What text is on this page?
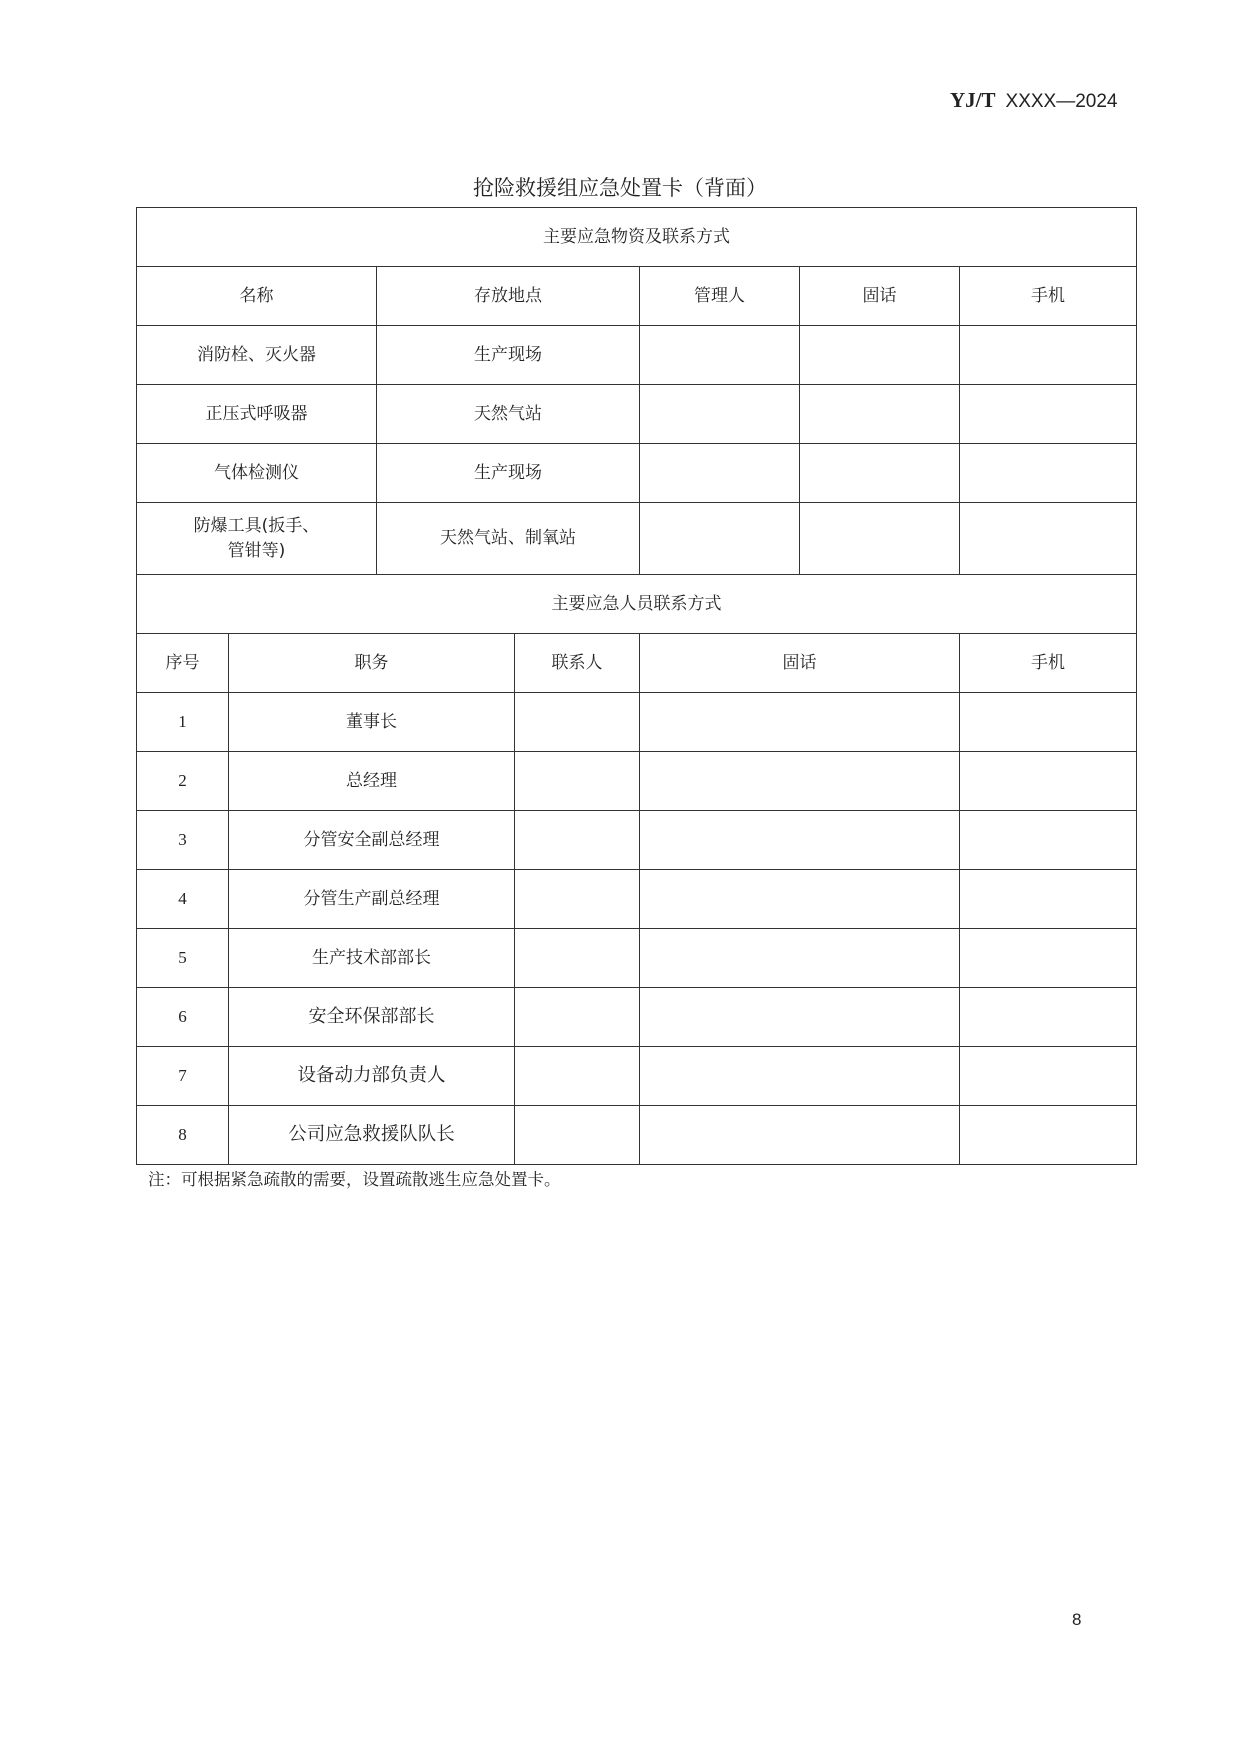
YJ/T XXXX—2024
抢险救援组应急处置卡（背面）
主要应急物资及联系方式						
名称		存放地点		管理人	固话	手机
消防栓、灭火器		生产现场				
正压式呼吸器		天然气站				
气体检测仪		生产现场				

防爆工具(扳手、
管钳等)		天然气站、制氧站				
主要应急人员联系方式						
序号	职务		联系人	固话		手机
1	董事长					
2	总经理					
3	分管安全副总经理					
4	分管生产副总经理					
5	生产技术部部长					
6	安全环保部部长					
7	设备动力部负责人					
8	公司应急救援队队长					
注：可根据紧急疏散的需要，设置疏散逃生应急处置卡。
8
